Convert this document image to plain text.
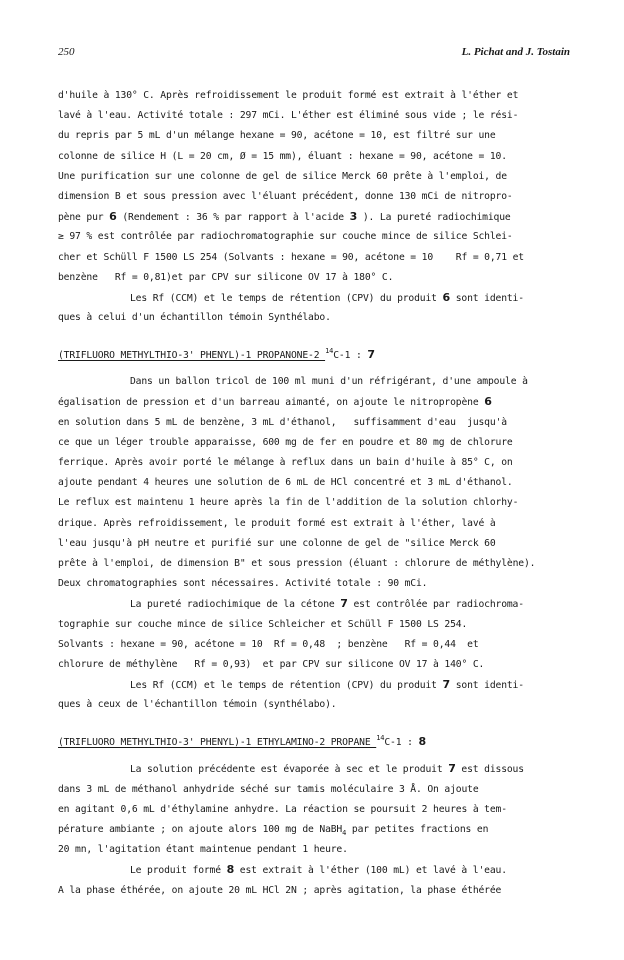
250	L. Pichat and J. Tostain
d'huile à 130° C. Après refroidissement le produit formé est extrait à l'éther et
lavé à l'eau. Activité totale : 297 mCi. L'éther est éliminé sous vide ; le rési-
du repris par 5 mL d'un mélange hexane = 90, acétone = 10, est filtré sur une
colonne de silice H (L = 20 cm, Ø = 15 mm), éluant : hexane = 90, acétone = 10.
Une purification sur une colonne de gel de silice Merck 60 prête à l'emploi, de
dimension B et sous pression avec l'éluant précédent, donne 130 mCi de nitropro-
pène pur 6 (Rendement : 36 % par rapport à l'acide 3 ). La pureté radiochimique
≥ 97 % est contrôlée par radiochromatographie sur couche mince de silice Schlei-
cher et Schüll F 1500 LS 254 (Solvants : hexane = 90, acétone = 10    Rf = 0,71 et
benzène   Rf = 0,81)et par CPV sur silicone OV 17 à 180° C.
Les Rf (CCM) et le temps de rétention (CPV) du produit 6 sont identi-
ques à celui d'un échantillon témoin Synthélabo.
(TRIFLUORO METHYLTHIO-3' PHENYL)-1 PROPANONE-2 $^{14}$C-1 : 7
Dans un ballon tricol de 100 ml muni d'un réfrigérant, d'une ampoule à
égalisation de pression et d'un barreau aimanté, on ajoute le nitropropène 6
en solution dans 5 mL de benzène, 3 mL d'éthanol,   suffisamment d'eau  jusqu'à
ce que un léger trouble apparaisse, 600 mg de fer en poudre et 80 mg de chlorure
ferrique. Après avoir porté le mélange à reflux dans un bain d'huile à 85° C, on
ajoute pendant 4 heures une solution de 6 mL de HCl concentré et 3 mL d'éthanol.
Le reflux est maintenu 1 heure après la fin de l'addition de la solution chlorhy-
drique. Après refroidissement, le produit formé est extrait à l'éther, lavé à
l'eau jusqu'à pH neutre et purifié sur une colonne de gel de "silice Merck 60
prête à l'emploi, de dimension B" et sous pression (éluant : chlorure de méthylène).
Deux chromatographies sont nécessaires. Activité totale : 90 mCi.
La pureté radiochimique de la cétone 7 est contrôlée par radiochroma-
tographie sur couche mince de silice Schleicher et Schüll F 1500 LS 254.
Solvants : hexane = 90, acétone = 10  Rf = 0,48  ; benzène   Rf = 0,44  et
chlorure de méthylène   Rf = 0,93)  et par CPV sur silicone OV 17 à 140° C.
Les Rf (CCM) et le temps de rétention (CPV) du produit 7 sont identi-
ques à ceux de l'échantillon témoin (synthélabo).
(TRIFLUORO METHYLTHIO-3' PHENYL)-1 ETHYLAMINO-2 PROPANE $^{14}$C-1 : 8
La solution précédente est évaporée à sec et le produit 7 est dissous
dans 3 mL de méthanol anhydride séché sur tamis moléculaire 3 Å. On ajoute
en agitant 0,6 mL d'éthylamine anhydre. La réaction se poursuit 2 heures à tem-
pérature ambiante ; on ajoute alors 100 mg de NaBH$_4$ par petites fractions en
20 mn, l'agitation étant maintenue pendant 1 heure.
Le produit formé 8 est extrait à l'éther (100 mL) et lavé à l'eau.
A la phase éthérée, on ajoute 20 mL HCl 2N ; après agitation, la phase éthérée
